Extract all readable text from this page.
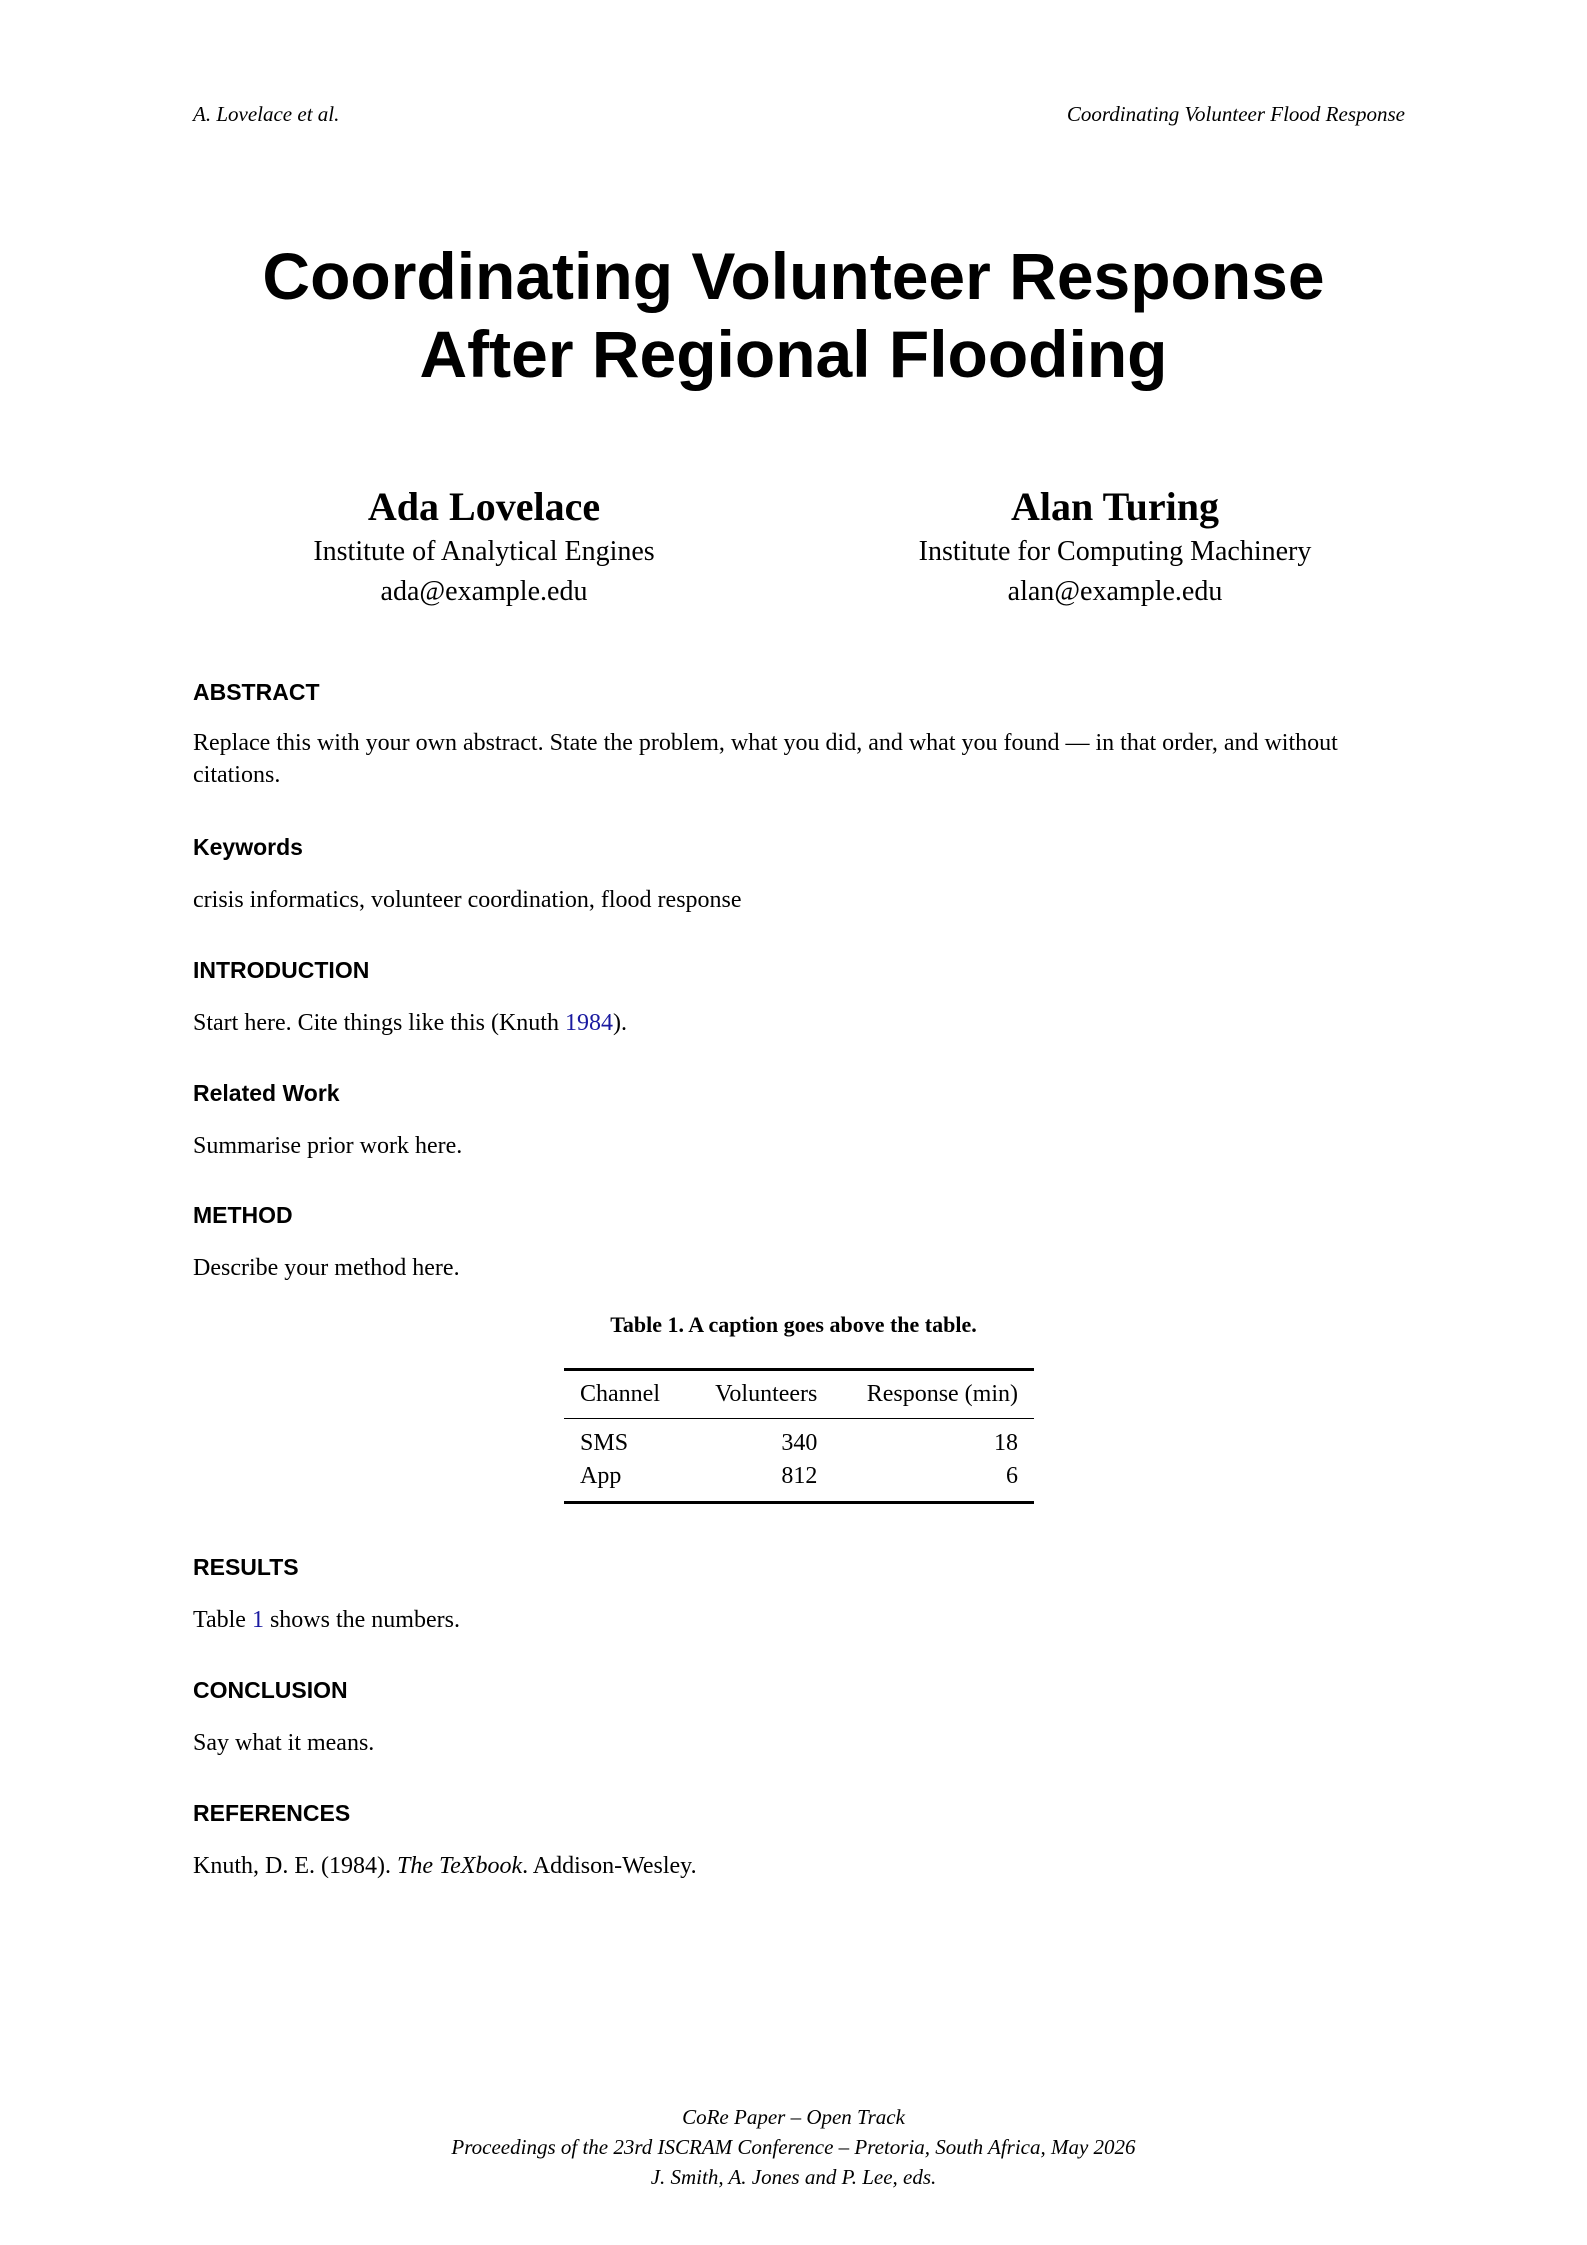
A. Lovelace et al.	Coordinating Volunteer Flood Response
Coordinating Volunteer Response
After Regional Flooding
Ada Lovelace
Institute of Analytical Engines
ada@example.edu
Alan Turing
Institute for Computing Machinery
alan@example.edu
ABSTRACT
Replace this with your own abstract. State the problem, what you did, and what you found — in that order, and without citations.
Keywords
crisis informatics, volunteer coordination, flood response
INTRODUCTION
Start here. Cite things like this (Knuth 1984).
Related Work
Summarise prior work here.
METHOD
Describe your method here.
Table 1. A caption goes above the table.
Channel	Volunteers	Response (min)
SMS	340	18
App	812	6
RESULTS
Table 1 shows the numbers.
CONCLUSION
Say what it means.
REFERENCES
Knuth, D. E. (1984). The TeXbook. Addison-Wesley.
CoRe Paper – Open Track
Proceedings of the 23rd ISCRAM Conference – Pretoria, South Africa, May 2026
J. Smith, A. Jones and P. Lee, eds.
